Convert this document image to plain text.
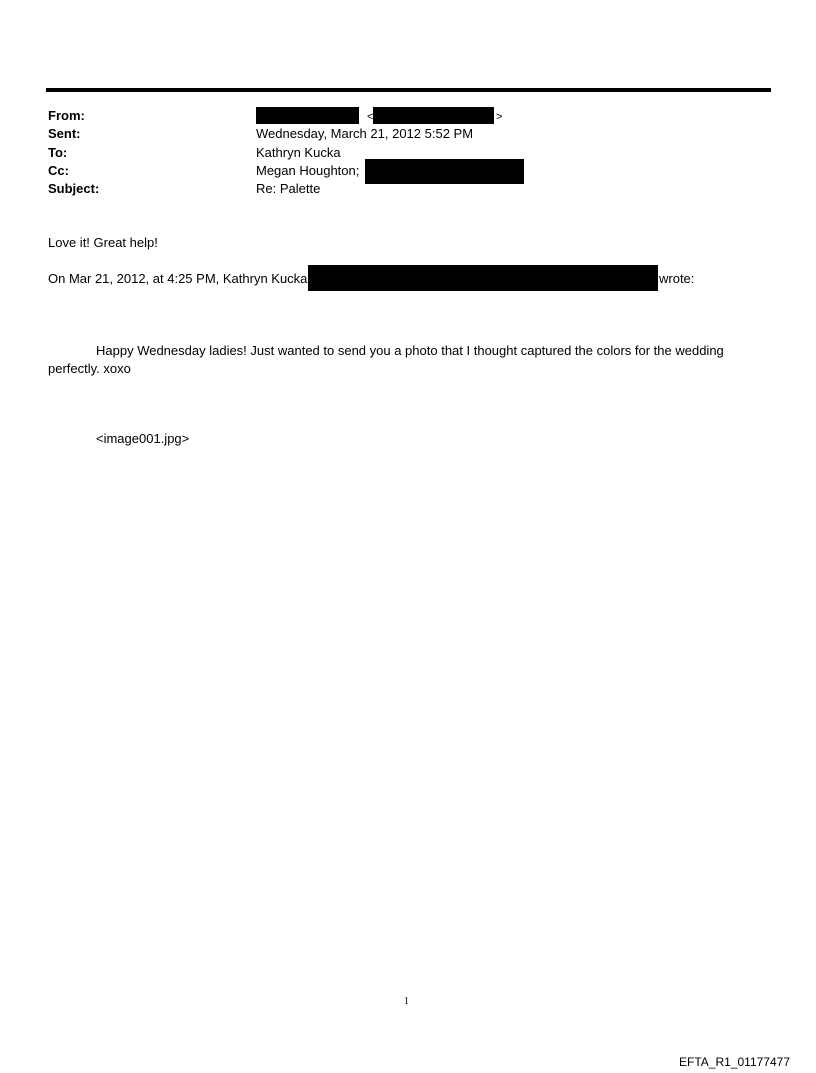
From:
Sent:
To:
Cc:
Subject:
<	>
Wednesday, March 21, 2012 5:52 PM
Kathryn Kucka
Megan Houghton;
Re: Palette
Love it! Great help!
On Mar 21, 2012, at 4:25 PM, Kathryn Kucka	wrote:
Happy Wednesday ladies! Just wanted to send you a photo that I thought captured the colors for the wedding
perfectly. xoxo
<image001.jpg>
1
EFTA_R1_01177477
